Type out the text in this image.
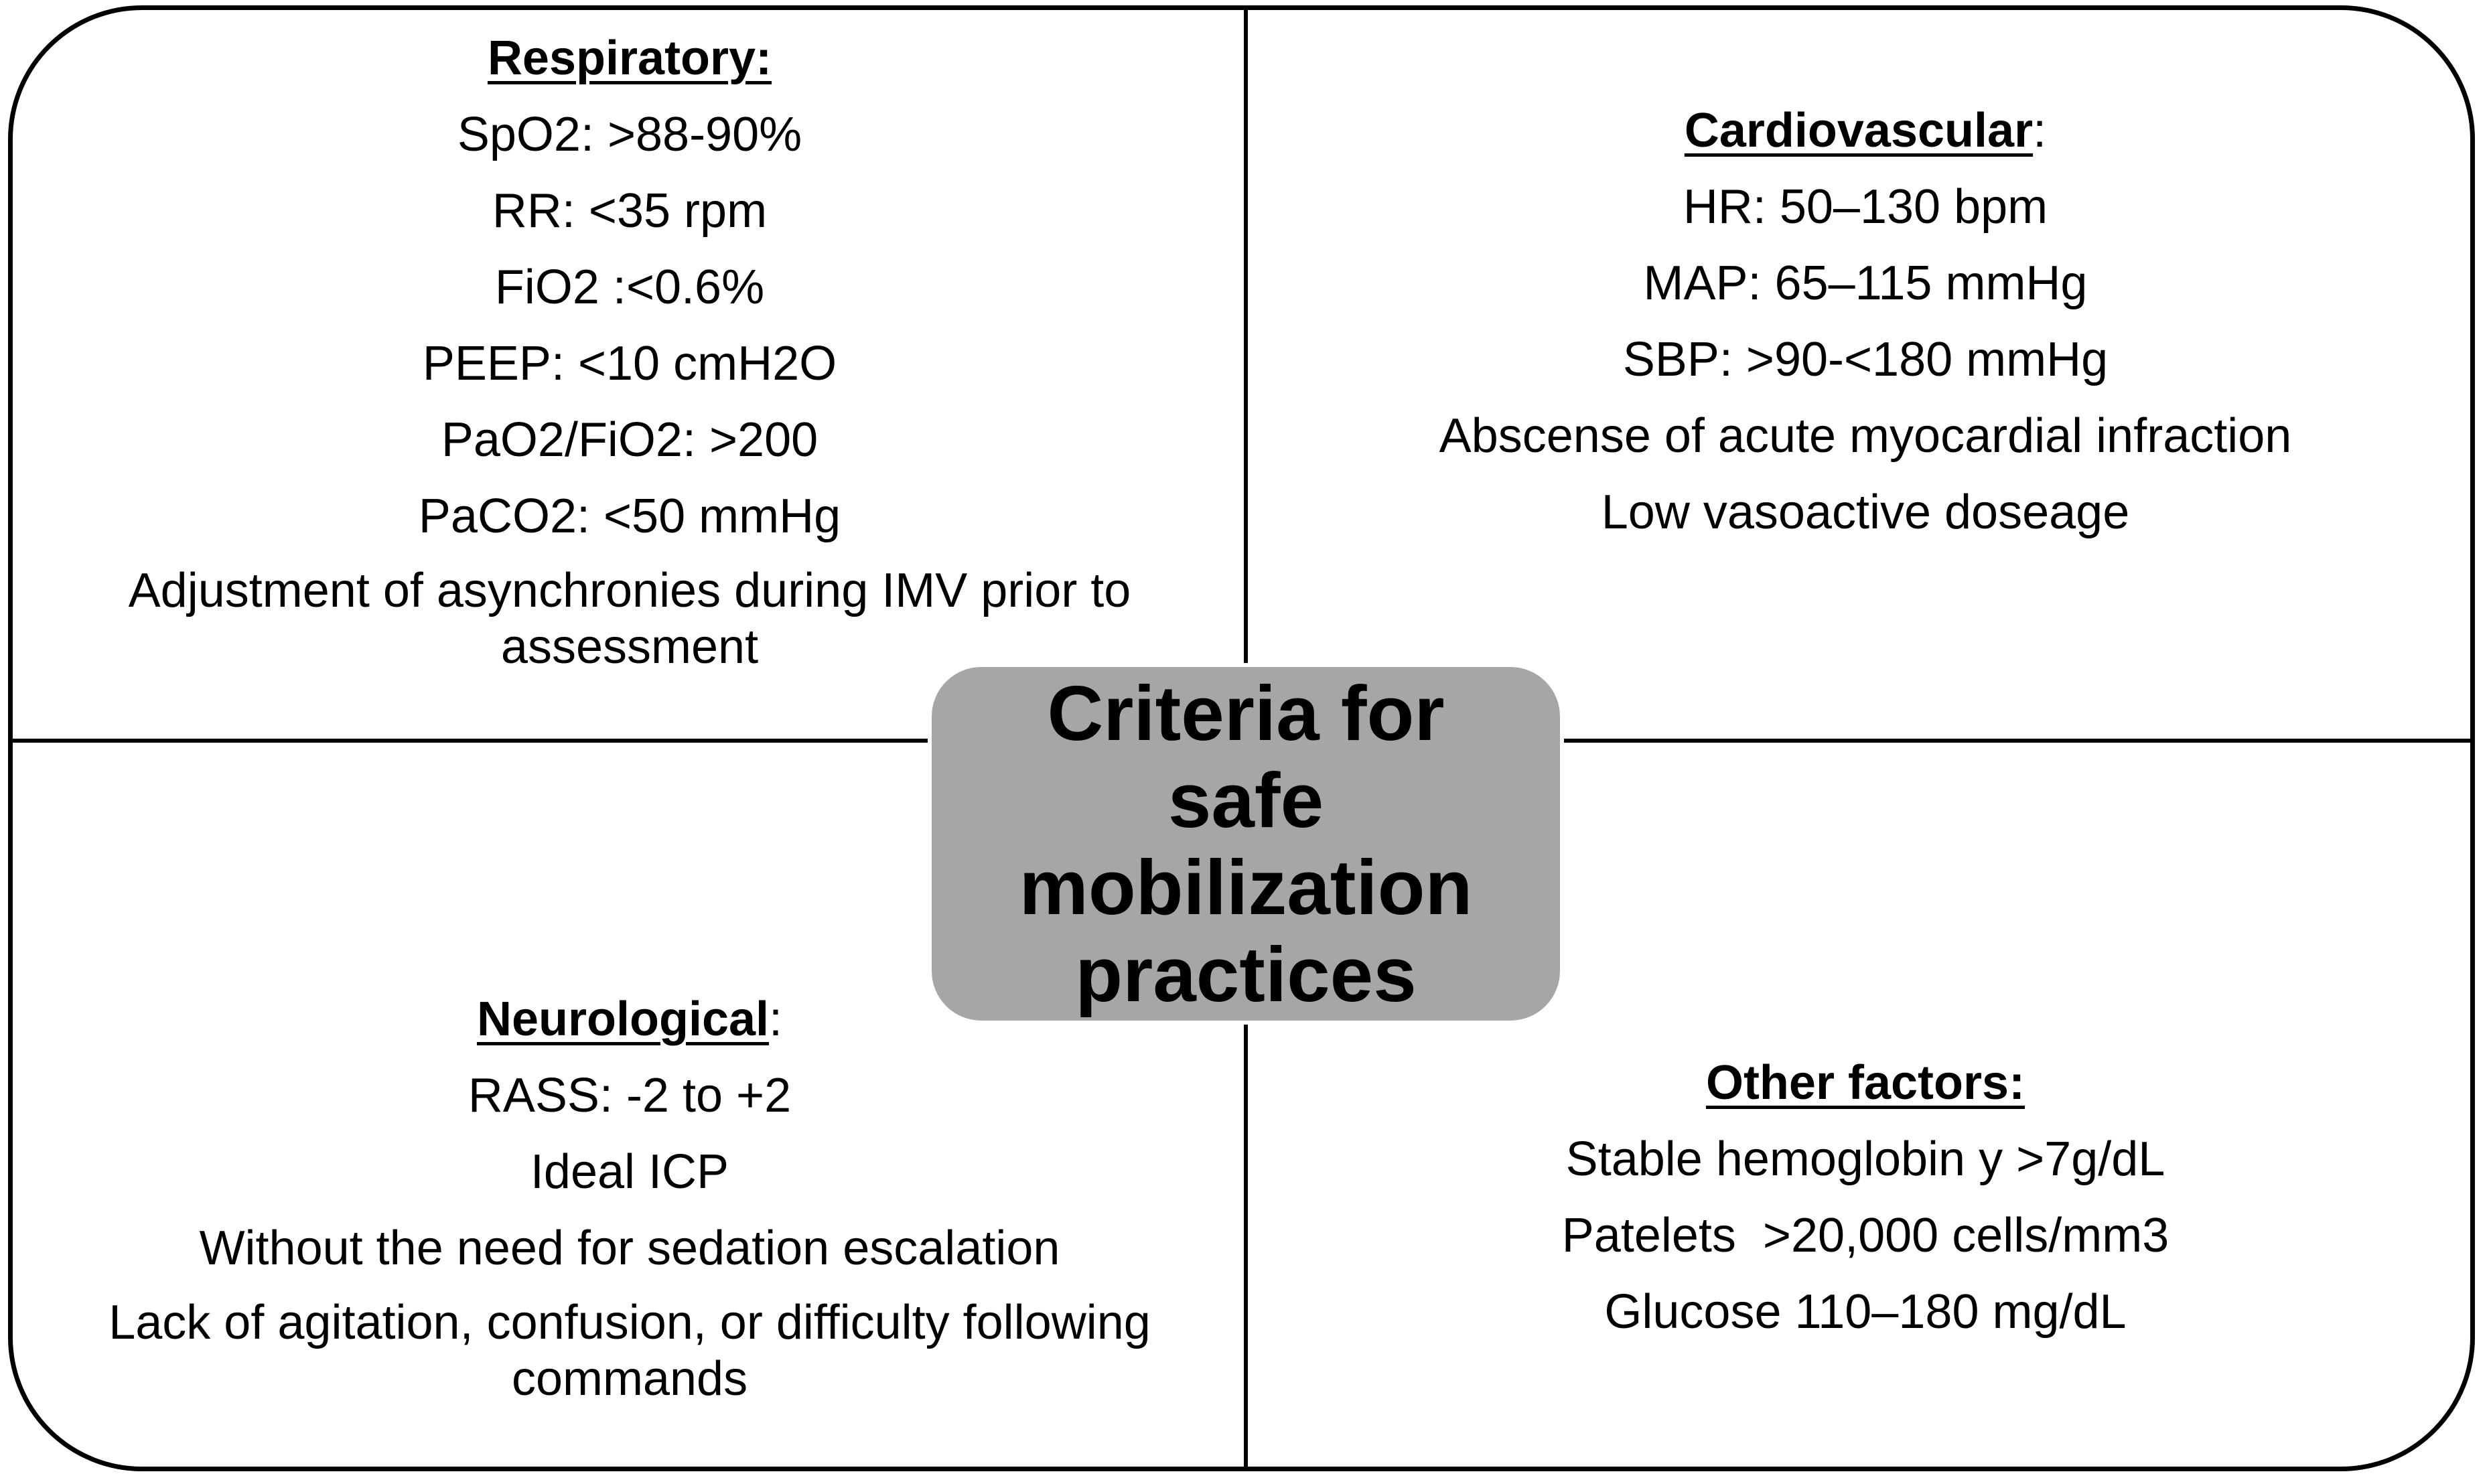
Respiratory:
SpO2: >88-90%
RR: <35 rpm
FiO2 :<0.6%
PEEP: <10 cmH2O
PaO2/FiO2: >200
PaCO2: <50 mmHg
Adjustment of asynchronies during IMV prior to assessment
Cardiovascular:
HR: 50–130 bpm
MAP: 65–115 mmHg
SBP: >90-<180 mmHg
Abscense of acute myocardial infraction
Low vasoactive doseage
Neurological:
RASS: -2 to +2
Ideal ICP
Without the need for sedation escalation
Lack of agitation, confusion, or difficulty following commands
Other factors:
Stable hemoglobin y >7g/dL
Patelets  >20,000 cells/mm3
Glucose 110–180 mg/dL
Criteria for safe mobilization practices
